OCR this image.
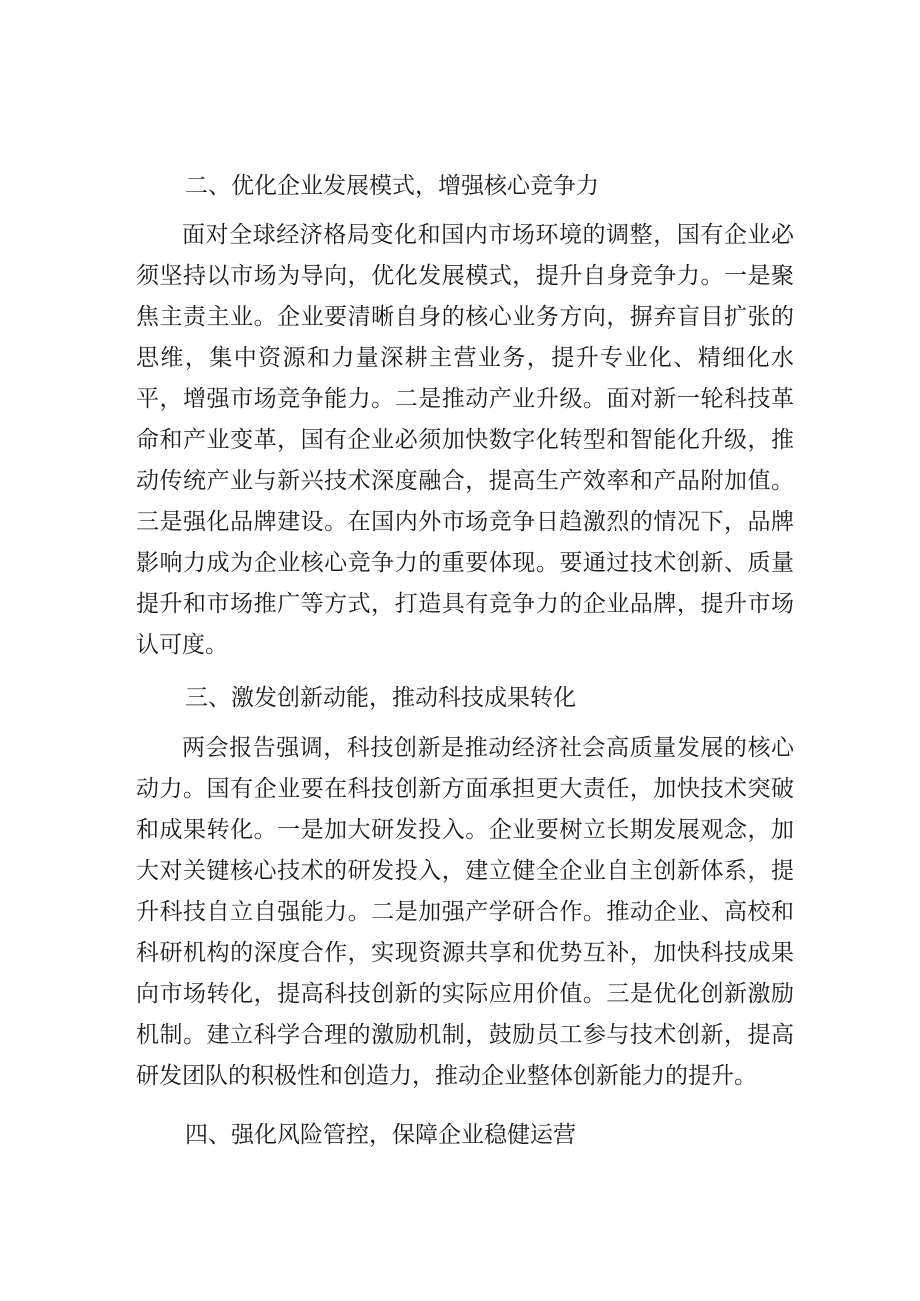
二、优化企业发展模式，增强核心竞争力

面对全球经济格局变化和国内市场环境的调整，国有企业必须坚持以市场为导向，优化发展模式，提升自身竞争力。一是聚焦主责主业。企业要清晰自身的核心业务方向，摒弃盲目扩张的思维，集中资源和力量深耕主营业务，提升专业化、精细化水平，增强市场竞争能力。二是推动产业升级。面对新一轮科技革命和产业变革，国有企业必须加快数字化转型和智能化升级，推动传统产业与新兴技术深度融合，提高生产效率和产品附加值。三是强化品牌建设。在国内外市场竞争日趋激烈的情况下，品牌影响力成为企业核心竞争力的重要体现。要通过技术创新、质量提升和市场推广等方式，打造具有竞争力的企业品牌，提升市场认可度。

三、激发创新动能，推动科技成果转化

两会报告强调，科技创新是推动经济社会高质量发展的核心动力。国有企业要在科技创新方面承担更大责任，加快技术突破和成果转化。一是加大研发投入。企业要树立长期发展观念，加大对关键核心技术的研发投入，建立健全企业自主创新体系，提升科技自立自强能力。二是加强产学研合作。推动企业、高校和科研机构的深度合作，实现资源共享和优势互补，加快科技成果向市场转化，提高科技创新的实际应用价值。三是优化创新激励机制。建立科学合理的激励机制，鼓励员工参与技术创新，提高研发团队的积极性和创造力，推动企业整体创新能力的提升。

四、强化风险管控，保障企业稳健运营
